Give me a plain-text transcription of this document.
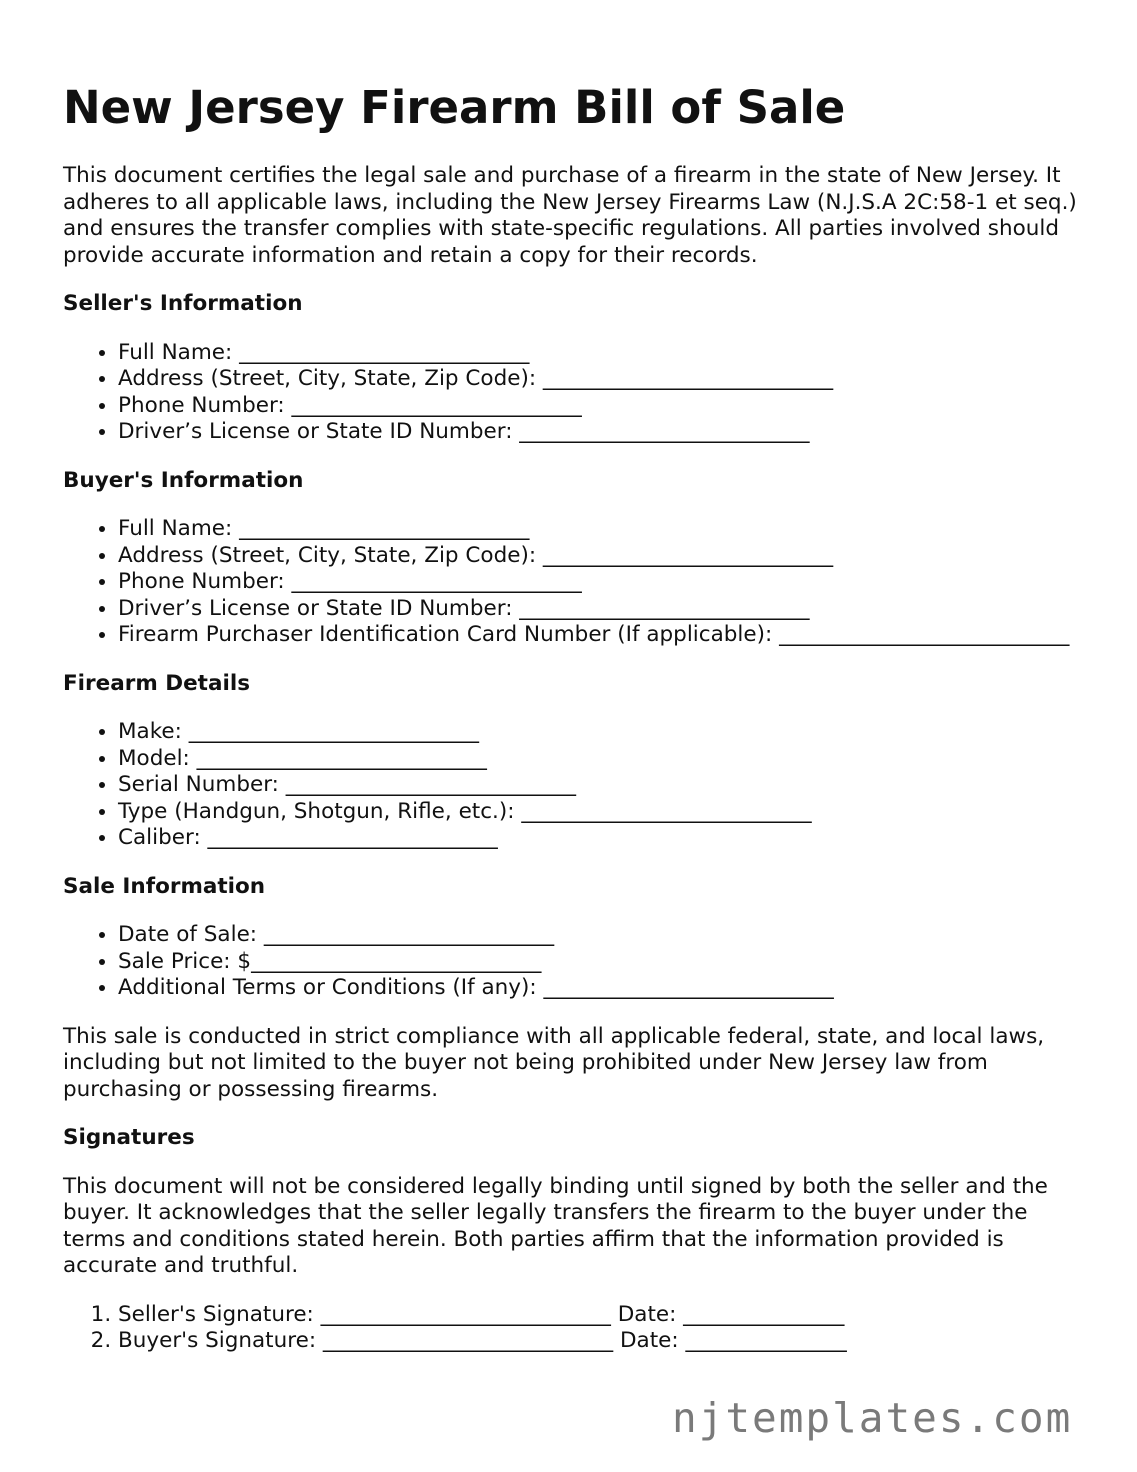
New Jersey Firearm Bill of Sale

This document certifies the legal sale and purchase of a firearm in the state of New Jersey. It adheres to all applicable laws, including the New Jersey Firearms Law (N.J.S.A 2C:58-1 et seq.) and ensures the transfer complies with state-specific regulations. All parties involved should provide accurate information and retain a copy for their records.

Seller's Information
• Full Name: ___________________________
• Address (Street, City, State, Zip Code): ___________________________
• Phone Number: ___________________________
• Driver’s License or State ID Number: ___________________________
Buyer's Information
• Full Name: ___________________________
• Address (Street, City, State, Zip Code): ___________________________
• Phone Number: ___________________________
• Driver’s License or State ID Number: ___________________________
• Firearm Purchaser Identification Card Number (If applicable): ___________________________
Firearm Details
• Make: ___________________________
• Model: ___________________________
• Serial Number: ___________________________
• Type (Handgun, Shotgun, Rifle, etc.): ___________________________
• Caliber: ___________________________
Sale Information
• Date of Sale: ___________________________
• Sale Price: $___________________________
• Additional Terms or Conditions (If any): ___________________________

This sale is conducted in strict compliance with all applicable federal, state, and local laws, including but not limited to the buyer not being prohibited under New Jersey law from purchasing or possessing firearms.

Signatures

This document will not be considered legally binding until signed by both the seller and the buyer. It acknowledges that the seller legally transfers the firearm to the buyer under the terms and conditions stated herein. Both parties affirm that the information provided is accurate and truthful.

1. Seller's Signature: ___________________________ Date: _______________
2. Buyer's Signature: ___________________________ Date: _______________
njtemplates.com
